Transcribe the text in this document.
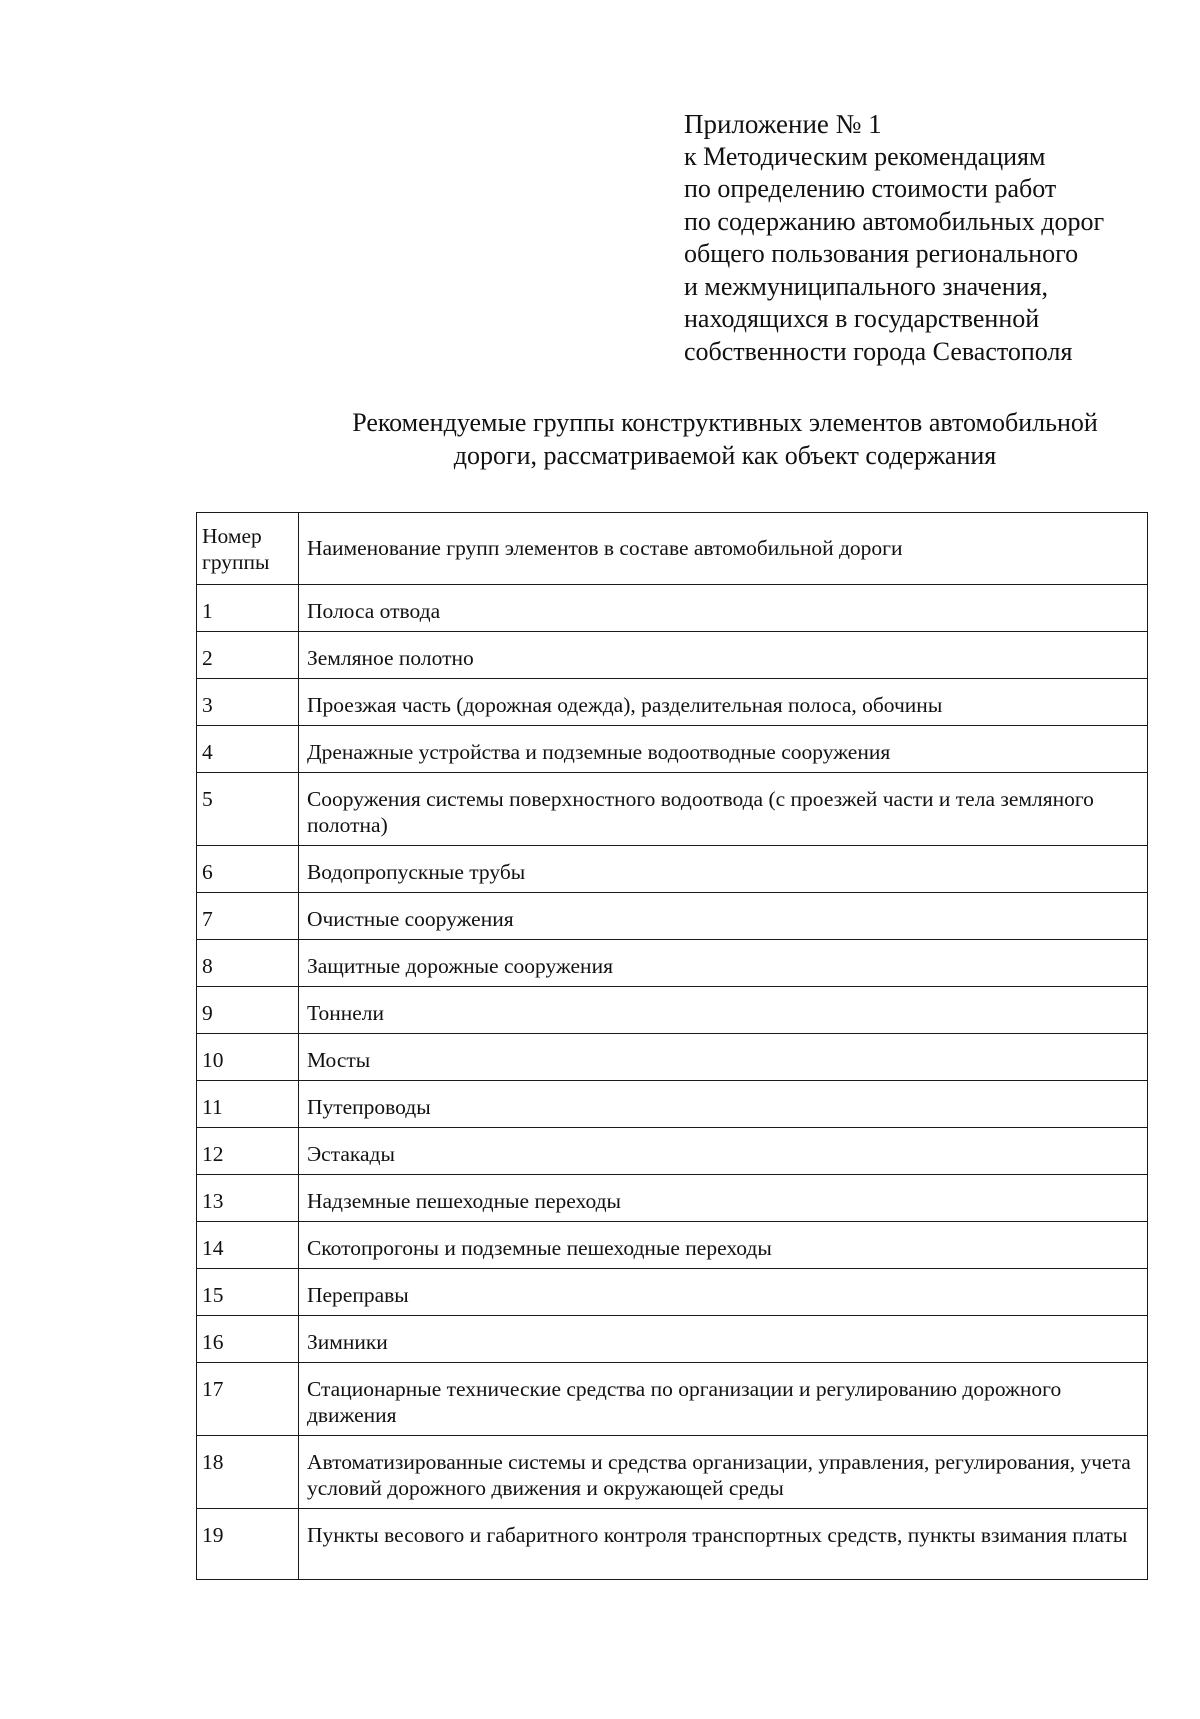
Приложение № 1
к Методическим рекомендациям
по определению стоимости работ
по содержанию автомобильных дорог
общего пользования регионального
и межмуниципального значения,
находящихся в государственной
собственности города Севастополя
Рекомендуемые группы конструктивных элементов автомобильной
дороги, рассматриваемой как объект содержания
Номер
группы	Наименование групп элементов в составе автомобильной дороги
1	Полоса отвода
2	Земляное полотно
3	Проезжая часть (дорожная одежда), разделительная полоса, обочины
4	Дренажные устройства и подземные водоотводные сооружения
5	Сооружения системы поверхностного водоотвода (с проезжей части и тела земляного полотна)
6	Водопропускные трубы
7	Очистные сооружения
8	Защитные дорожные сооружения
9	Тоннели
10	Мосты
11	Путепроводы
12	Эстакады
13	Надземные пешеходные переходы
14	Скотопрогоны и подземные пешеходные переходы
15	Переправы
16	Зимники
17	Стационарные технические средства по организации и регулированию дорожного движения
18	Автоматизированные системы и средства организации, управления, регулирования, учета условий дорожного движения и окружающей среды
19	Пункты весового и габаритного контроля транспортных средств, пункты взимания платы
